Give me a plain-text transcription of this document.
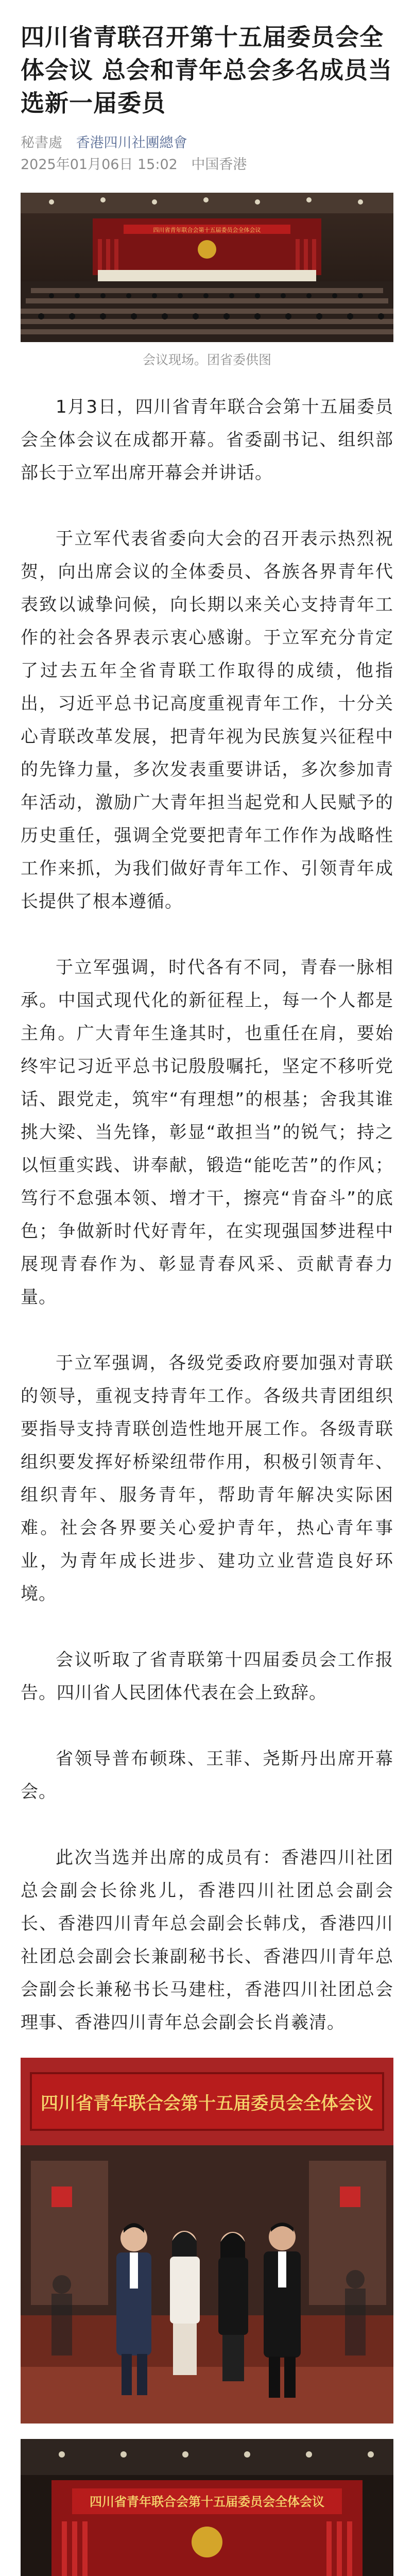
四川省青联召开第十五届委员会全体会议 总会和青年总会多名成员当选新一届委员
秘書處 香港四川社團總會
2025年01月06日 15:02 中国香港
四川省青年联合会第十五届委员会全体会议
会议现场。团省委供图

1月3日，四川省青年联合会第十五届委员会全体会议在成都开幕。省委副书记、组织部部长于立军出席开幕会并讲话。

于立军代表省委向大会的召开表示热烈祝贺，向出席会议的全体委员、各族各界青年代表致以诚挚问候，向长期以来关心支持青年工作的社会各界表示衷心感谢。于立军充分肯定了过去五年全省青联工作取得的成绩，他指出，习近平总书记高度重视青年工作，十分关心青联改革发展，把青年视为民族复兴征程中的先锋力量，多次发表重要讲话，多次参加青年活动，激励广大青年担当起党和人民赋予的历史重任，强调全党要把青年工作作为战略性工作来抓，为我们做好青年工作、引领青年成长提供了根本遵循。

于立军强调，时代各有不同，青春一脉相承。中国式现代化的新征程上，每一个人都是主角。广大青年生逢其时，也重任在肩，要始终牢记习近平总书记殷殷嘱托，坚定不移听党话、跟党走，筑牢“有理想”的根基；舍我其谁挑大梁、当先锋，彰显“敢担当”的锐气；持之以恒重实践、讲奉献，锻造“能吃苦”的作风；笃行不怠强本领、增才干，擦亮“肯奋斗”的底色；争做新时代好青年，在实现强国梦进程中展现青春作为、彰显青春风采、贡献青春力量。

于立军强调，各级党委政府要加强对青联的领导，重视支持青年工作。各级共青团组织要指导支持青联创造性地开展工作。各级青联组织要发挥好桥梁纽带作用，积极引领青年、组织青年、服务青年，帮助青年解决实际困难。社会各界要关心爱护青年，热心青年事业，为青年成长进步、建功立业营造良好环境。

会议听取了省青联第十四届委员会工作报告。四川省人民团体代表在会上致辞。

省领导普布顿珠、王菲、尧斯丹出席开幕会。

此次当选并出席的成员有：香港四川社团总会副会长徐兆儿，香港四川社团总会副会长、香港四川青年总会副会长韩戊，香港四川社团总会副会长兼副秘书长、香港四川青年总会副会长兼秘书长马建柱，香港四川社团总会理事、香港四川青年总会副会长肖羲清。

四川省青年联合会第十五届委员会全体会议
四川省青年联合会第十五届委员会全体会议
